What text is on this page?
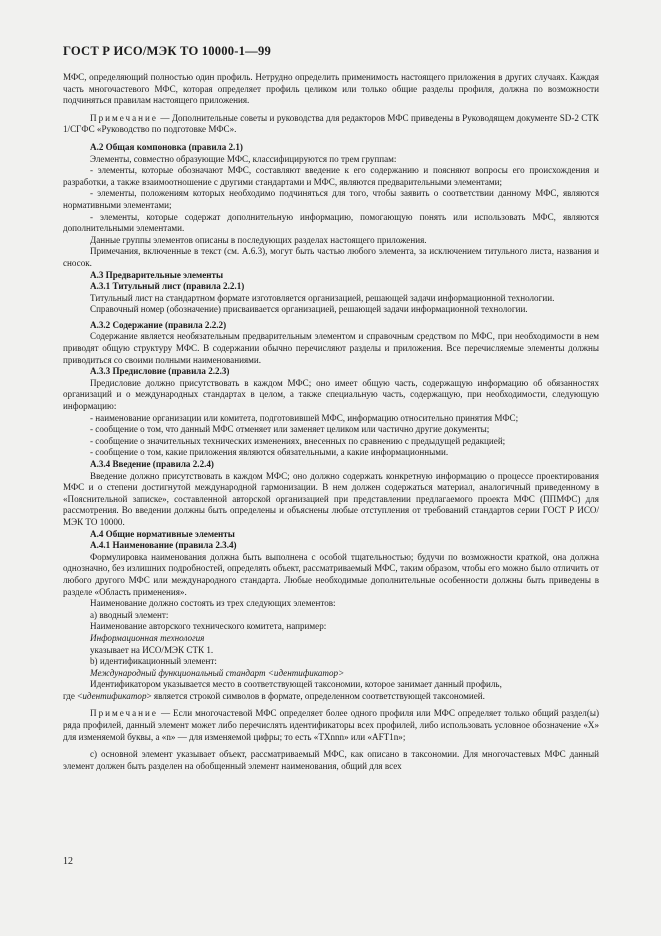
ГОСТ Р ИСО/МЭК ТО 10000-1—99

МФС, определяющий полностью один профиль. Нетрудно определить применимость настоящего приложения в других случаях. Каждая часть многочастевого МФС, которая определяет профиль целиком или только общие разделы профиля, должна по возможности подчиняться правилам настоящего приложения.

Примечание — Дополнительные советы и руководства для редакторов МФС приведены в Руководящем документе SD-2 СТК 1/СГФС «Руководство по подготовке МФС».

А.2 Общая компоновка (правила 2.1)

Элементы, совместно образующие МФС, классифицируются по трем группам:

- элементы, которые обозначают МФС, составляют введение к его содержанию и поясняют вопросы его происхождения и разработки, а также взаимоотношение с другими стандартами и МФС, являются предварительными элементами;

- элементы, положениям которых необходимо подчиняться для того, чтобы заявить о соответствии данному МФС, являются нормативными элементами;

- элементы, которые содержат дополнительную информацию, помогающую понять или использовать МФС, являются дополнительными элементами.

Данные группы элементов описаны в последующих разделах настоящего приложения.

Примечания, включенные в текст (см. А.6.3), могут быть частью любого элемента, за исключением титульного листа, названия и сносок.

А.3 Предварительные элементы

А.3.1 Титульный лист (правила 2.2.1)

Титульный лист на стандартном формате изготовляется организацией, решающей задачи информационной технологии.

Справочный номер (обозначение) присваивается организацией, решающей задачи информационной технологии.

А.3.2 Содержание (правила 2.2.2)

Содержание является необязательным предварительным элементом и справочным средством по МФС, при необходимости в нем приводят общую структуру МФС. В содержании обычно перечисляют разделы и приложения. Все перечисляемые элементы должны приводиться со своими полными наименованиями.

А.3.3 Предисловие (правила 2.2.3)

Предисловие должно присутствовать в каждом МФС; оно имеет общую часть, содержащую информацию об обязанностях организаций и о международных стандартах в целом, а также специальную часть, содержащую, при необходимости, следующую информацию:

- наименование организации или комитета, подготовившей МФС, информацию относительно принятия МФС;

- сообщение о том, что данный МФС отменяет или заменяет целиком или частично другие документы;

- сообщение о значительных технических изменениях, внесенных по сравнению с предыдущей редакцией;

- сообщение о том, какие приложения являются обязательными, а какие информационными.

А.3.4 Введение (правила 2.2.4)

Введение должно присутствовать в каждом МФС; оно должно содержать конкретную информацию о процессе проектирования МФС и о степени достигнутой международной гармонизации. В нем должен содержаться материал, аналогичный приведенному в «Пояснительной записке», составленной авторской организацией при представлении предлагаемого проекта МФС (ППМФС) для рассмотрения. Во введении должны быть определены и объяснены любые отступления от требований стандартов серии ГОСТ Р ИСО/МЭК ТО 10000.

А.4 Общие нормативные элементы

А.4.1 Наименование (правила 2.3.4)

Формулировка наименования должна быть выполнена с особой тщательностью; будучи по возможности краткой, она должна однозначно, без излишних подробностей, определять объект, рассматриваемый МФС, таким образом, чтобы его можно было отличить от любого другого МФС или международного стандарта. Любые необходимые дополнительные особенности должны быть приведены в разделе «Область применения».

Наименование должно состоять из трех следующих элементов:

а) вводный элемент:

Наименование авторского технического комитета, например:

Информационная технология

указывает на ИСО/МЭК СТК 1.

b) идентификационный элемент:

Международный функциональный стандарт <идентификатор>

Идентификатором указывается место в соответствующей таксономии, которое занимает данный профиль,

где <идентификатор> является строкой символов в формате, определенном соответствующей таксономией.

Примечание — Если многочастевой МФС определяет более одного профиля или МФС определяет только общий раздел(ы) ряда профилей, данный элемент может либо перечислять идентификаторы всех профилей, либо использовать условное обозначение «Х» для изменяемой буквы, а «n» — для изменяемой цифры; то есть «TXnnn» или «AFT1n»;

с) основной элемент указывает объект, рассматриваемый МФС, как описано в таксономии. Для многочастевых МФС данный элемент должен быть разделен на обобщенный элемент наименования, общий для всех

12
